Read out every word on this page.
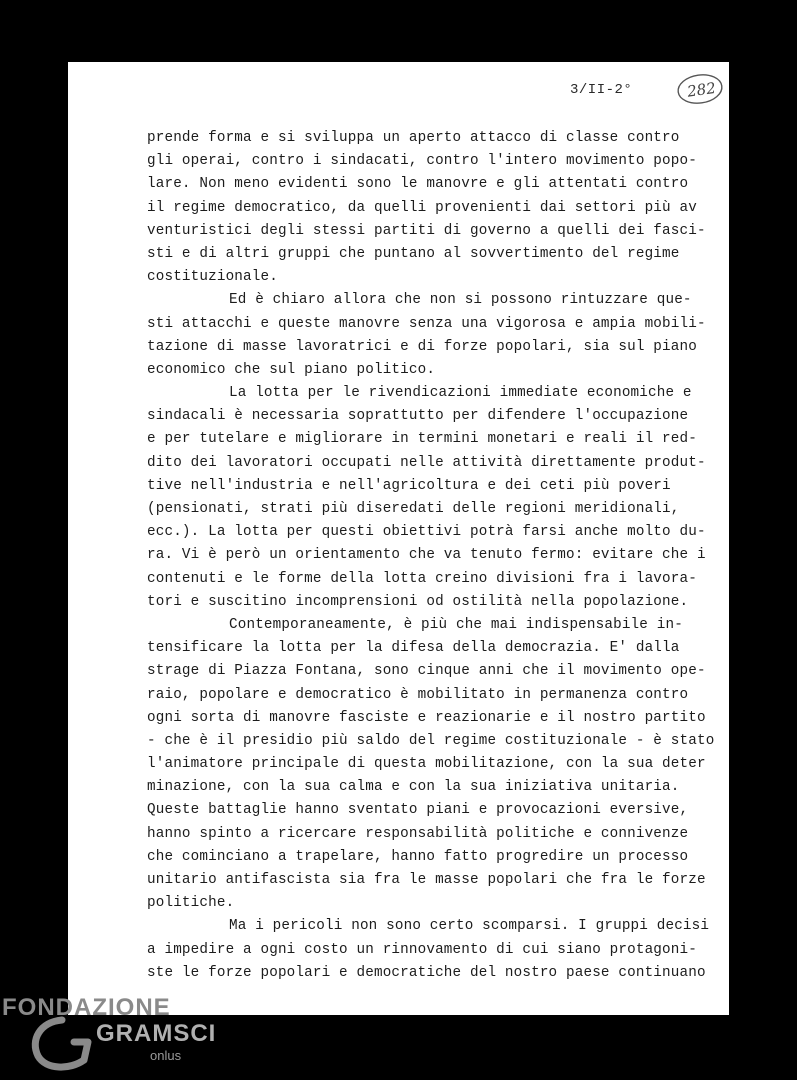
3/II-2°	282
prende forma e si sviluppa un aperto attacco di classe contro
gli operai, contro i sindacati, contro l'intero movimento popo-
lare. Non meno evidenti sono le manovre e gli attentati contro
il regime democratico, da quelli provenienti dai settori più av
venturistici degli stessi partiti di governo a quelli dei fasci-
sti e di altri gruppi che puntano al sovvertimento del regime
costituzionale.
Ed è chiaro allora che non si possono rintuzzare que-
sti attacchi e queste manovre senza una vigorosa e ampia mobili-
tazione di masse lavoratrici e di forze popolari, sia sul piano
economico che sul piano politico.
La lotta per le rivendicazioni immediate economiche e
sindacali è necessaria soprattutto per difendere l'occupazione
e per tutelare e migliorare in termini monetari e reali il red-
dito dei lavoratori occupati nelle attività direttamente produt-
tive nell'industria e nell'agricoltura e dei ceti più poveri
(pensionati, strati più diseredati delle regioni meridionali,
ecc.). La lotta per questi obiettivi potrà farsi anche molto du-
ra. Vi è però un orientamento che va tenuto fermo: evitare che i
contenuti e le forme della lotta creino divisioni fra i lavora-
tori e suscitino incomprensioni od ostilità nella popolazione.
Contemporaneamente, è più che mai indispensabile in-
tensificare la lotta per la difesa della democrazia. E' dalla
strage di Piazza Fontana, sono cinque anni che il movimento ope-
raio, popolare e democratico è mobilitato in permanenza contro
ogni sorta di manovre fasciste e reazionarie e il nostro partito
- che è il presidio più saldo del regime costituzionale - è stato
l'animatore principale di questa mobilitazione, con la sua deter
minazione, con la sua calma e con la sua iniziativa unitaria.
Queste battaglie hanno sventato piani e provocazioni eversive,
hanno spinto a ricercare responsabilità politiche e connivenze
che cominciano a trapelare, hanno fatto progredire un processo
unitario antifascista sia fra le masse popolari che fra le forze
politiche.
Ma i pericoli non sono certo scomparsi. I gruppi decisi
a impedire a ogni costo un rinnovamento di cui siano protagoni-
ste le forze popolari e democratiche del nostro paese continuano
FONDAZIONE
GRAMSCI
onlus
